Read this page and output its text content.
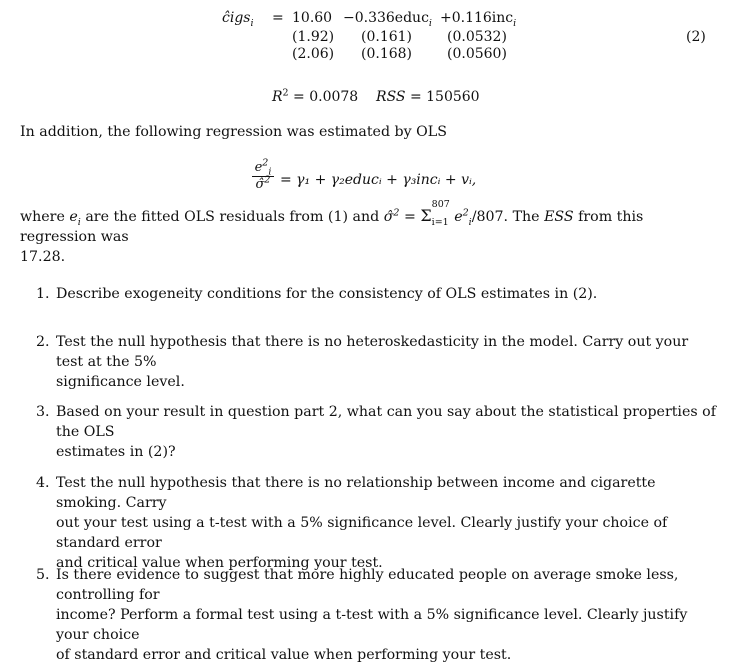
ĉigs$_i$ = 10.60 −0.336educ$_i$ +0.116inc$_i$
(1.92) (0.161) (0.0532)
(2.06) (0.168) (0.0560)
(2)
$R^2 = 0.0078$ RSS = 150560
In addition, the following regression was estimated by OLS
$e^2_i$
σ̂$^2$ = γ₁ + γ₂educᵢ + γ₃incᵢ + vᵢ,
where $e_i$ are the fitted OLS residuals from (1) and σ̂$^2$ = Σ
807
i=1 $e^2_i/807$. The ESS from this regression was
17.28.
1. Describe exogeneity conditions for the consistency of OLS estimates in (2).
2. Test the null hypothesis that there is no heteroskedasticity in the model. Carry out your test at the 5%
significance level.
3. Based on your result in question part 2, what can you say about the statistical properties of the OLS
estimates in (2)?
4. Test the null hypothesis that there is no relationship between income and cigarette smoking. Carry
out your test using a t-test with a 5% significance level. Clearly justify your choice of standard error
and critical value when performing your test.
5. Is there evidence to suggest that more highly educated people on average smoke less, controlling for
income? Perform a formal test using a t-test with a 5% significance level. Clearly justify your choice
of standard error and critical value when performing your test.
